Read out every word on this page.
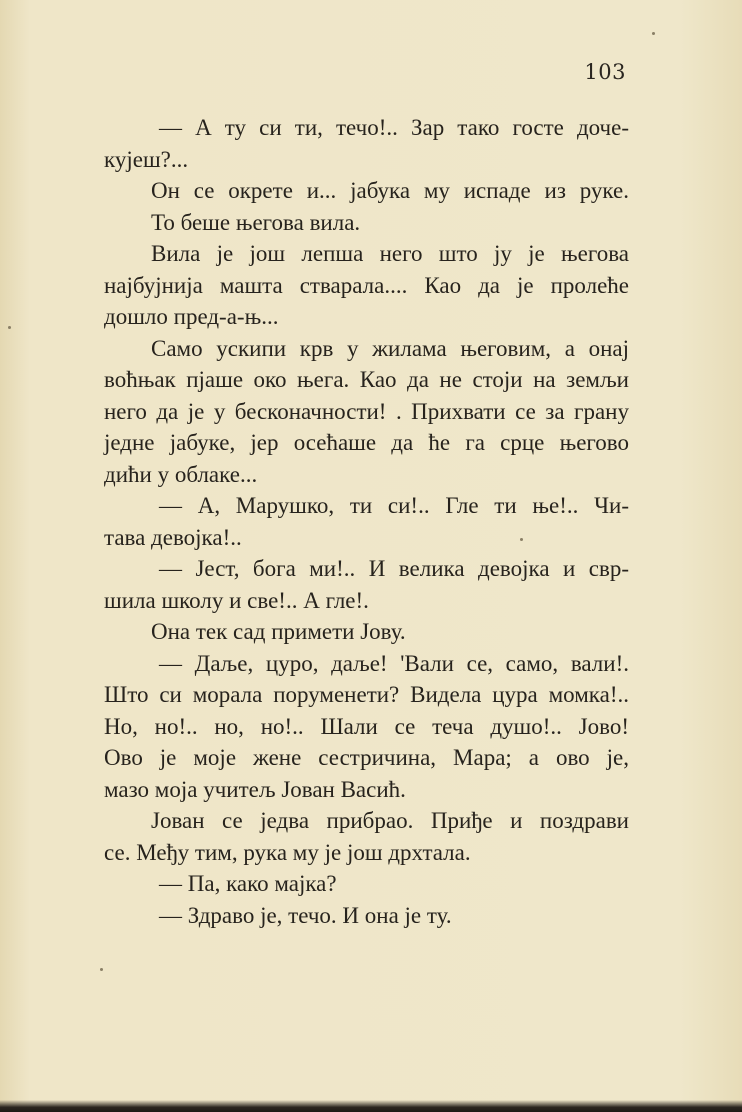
103
— А ту си ти, течо!.. Зар тако госте доче-
кујеш?...
Он се окрете и... јабука му испаде из руке.
То беше његова вила.
Вила је још лепша него што ју је његова
најбујнија машта стварала.... Као да је пролеће
дошло пред-а-њ...
Само ускипи крв у жилама његовим, а онај
воћњак пјаше око њега. Као да не стоји на земљи
него да је у бесконачности! . Прихвати се за грану
једне јабуке, јер осећаше да ће га срце његово
дићи у облаке...
— А, Марушко, ти си!.. Гле ти ње!.. Чи-
тава девојка!..
— Јест, бога ми!.. И велика девојка и свр-
шила школу и све!.. А гле!.
Она тек сад примети Јову.
— Даље, цуро, даље! 'Вали се, само, вали!.
Што си морала поруменети? Видела цура момка!..
Но, но!.. но, но!.. Шали се теча душо!.. Јово!
Ово је моје жене сестричина, Мара; а ово је,
мазо моја учитељ Јован Васић.
Јован се једва прибрао. Приђе и поздрави
се. Међу тим, рука му је још дрхтала.
— Па, како мајка?
— Здраво је, течо. И она је ту.
